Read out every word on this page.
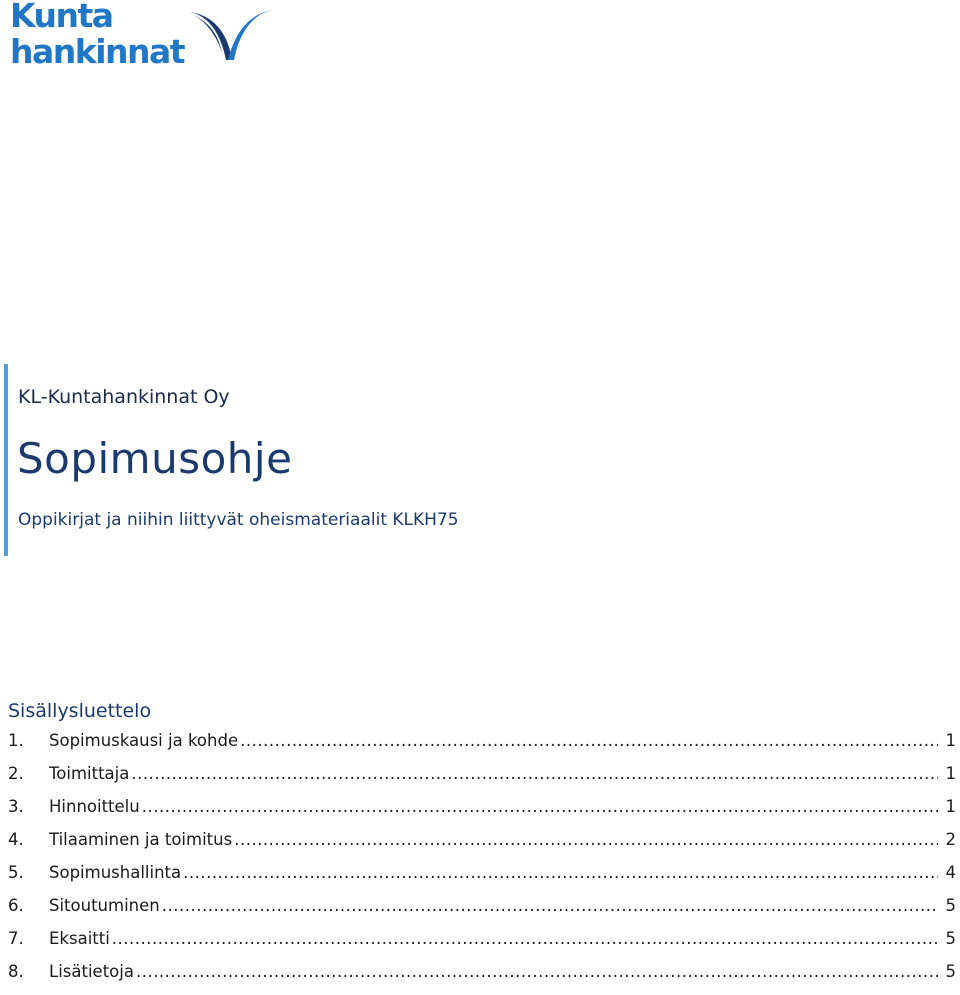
Kunta
hankinnat
KL-Kuntahankinnat Oy
Sopimusohje
Oppikirjat ja niihin liittyvät oheismateriaalit KLKH75
Sisällysluettelo
1.	Sopimuskausi ja kohde .....	1
2.	Toimittaja .....	1
3.	Hinnoittelu .....	1
4.	Tilaaminen ja toimitus .....	2
5.	Sopimushallinta .....	4
6.	Sitoutuminen .....	5
7.	Eksaitti .....	5
8.	Lisätietoja .....	5
